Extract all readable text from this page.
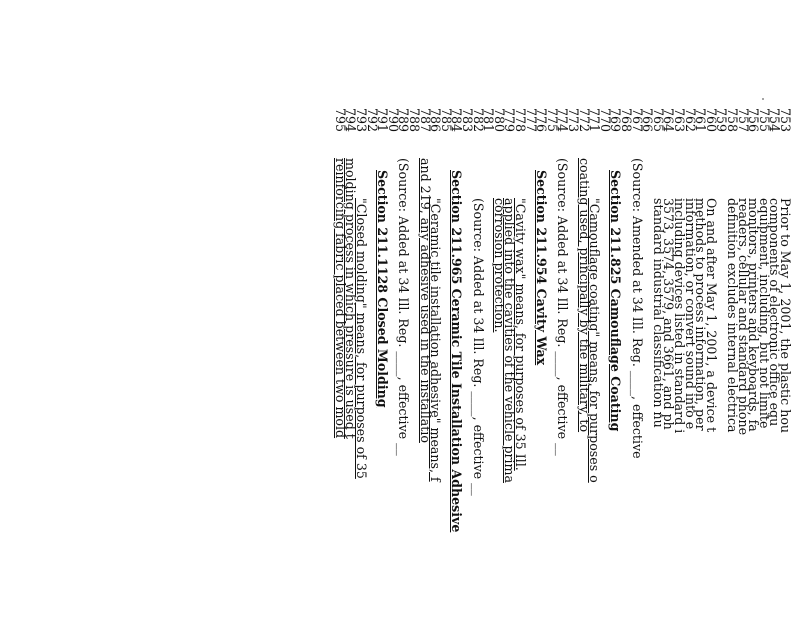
753
Prior to May 1, 2001, the plastic hou
754
components of electronic office equ
755
equipment, including, but not limite
756
monitors, printers and keyboards, fa
757
readers, cellular and standard phone
758
definition excludes internal electrica
759
760
On and after May 1, 2001, a device t
761
methods to process information, per
762
information, or convert sound into e
763
including devices listed in standard i
764
3573, 3574, 3579, and 3661, and ph
765
standard industrial classification nu
766
767
(Source: Amended at 34 Ill. Reg. ____, effective
768
769
Section 211.825 Camouflage Coating
770
771
"Camouflage coating" means, for purposes o
772
coating used, principally by the military, to
773
774
(Source: Added at 34 Ill. Reg. ____, effective __
775
776
Section 211.954 Cavity Wax
777
778
"Cavity wax" means, for purposes of 35 Ill.
779
applied into the cavities of the vehicle prima
780
corrosion protection.
781
782
(Source: Added at 34 Ill. Reg. ____, effective __
783
784
Section 211.965 Ceramic Tile Installation Adhesive
785
786
"Ceramic tile installation adhesive" means, f
787
and 219, any adhesive used in the installatio
788
789
(Source: Added at 34 Ill. Reg. ____, effective __
790
791
Section 211.1128 Closed Molding
792
793
"Closed molding" means, for purposes of 35
794
molding process in which pressure is used t
795
reinforcing fabric placed between two mold
